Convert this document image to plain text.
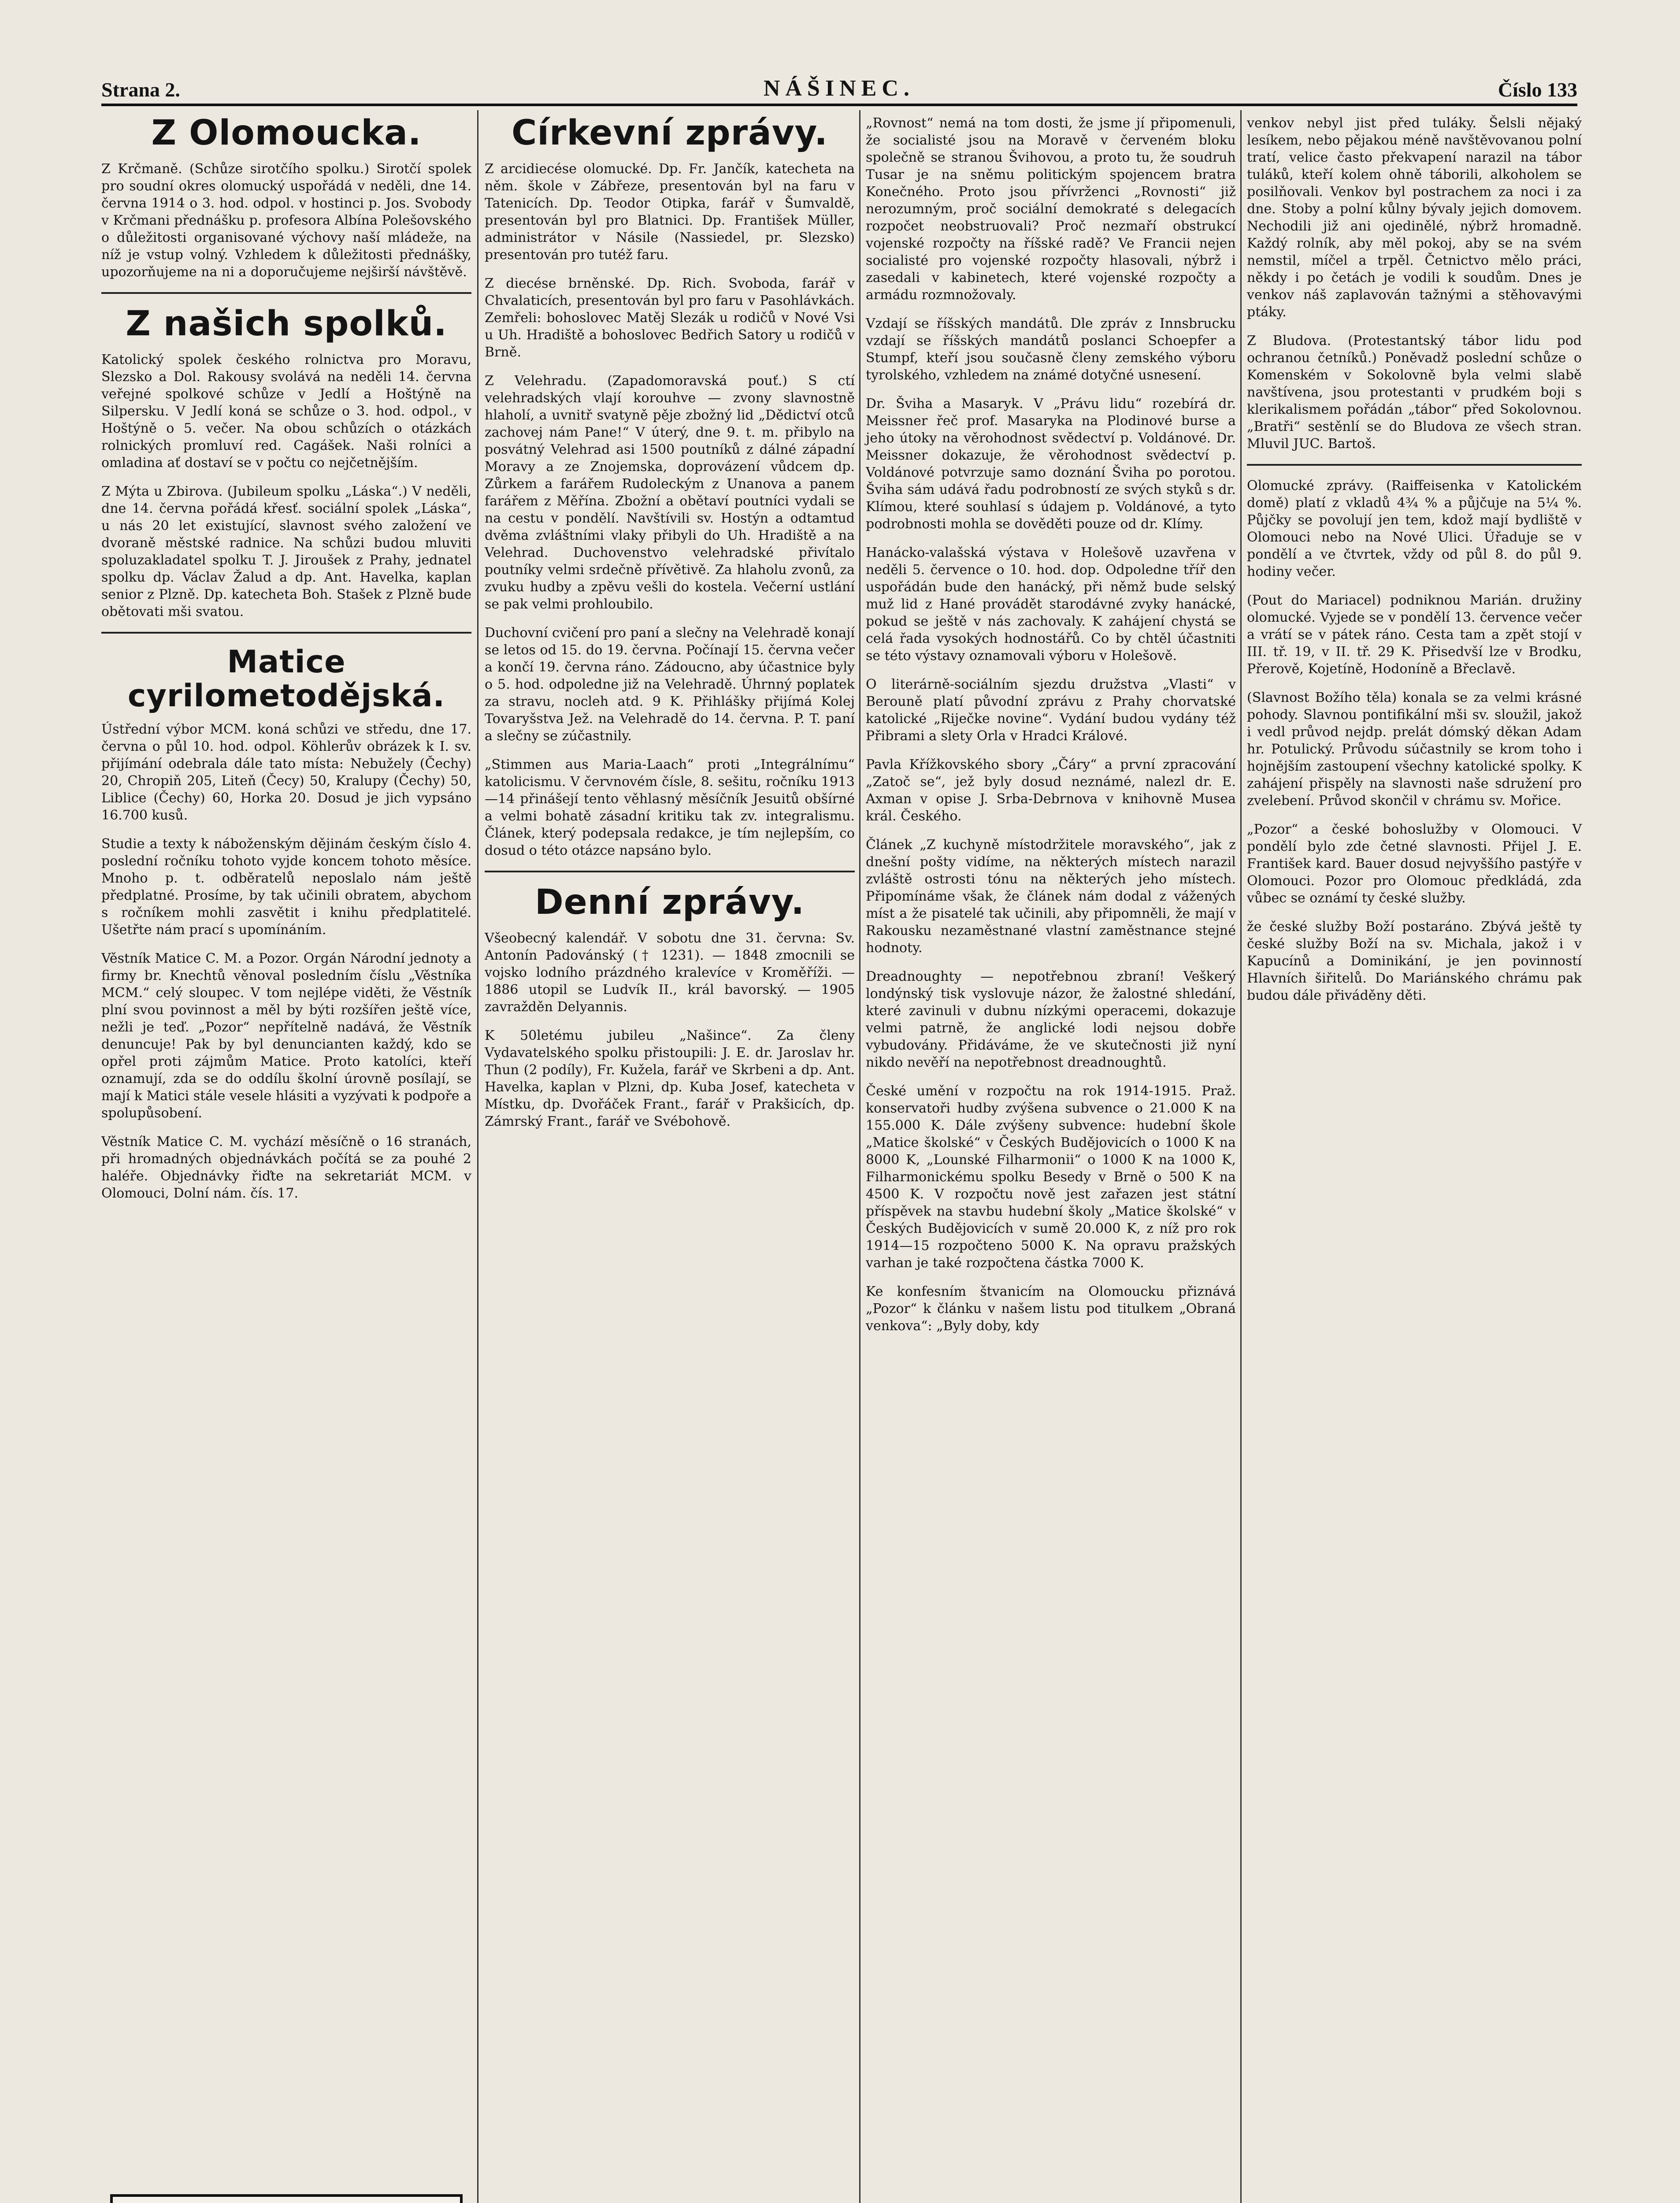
Strana 2.	NÁŠINEC.	Číslo 133
Z Olomoucka.

Z Krčmaně. (Schůze sirotčího spolku.) Sirotčí spolek pro soudní okres olomucký uspořádá v neděli, dne 14. června 1914 o 3. hod. odpol. v hostinci p. Jos. Svobody v Krčmani přednášku p. profesora Albína Polešovského o důležitosti organisované výchovy naší mládeže, na níž je vstup volný. Vzhledem k důležitosti přednášky, upozorňujeme na ni a doporučujeme nejširší návštěvě.

Z našich spolků.

Katolický spolek českého rolnictva pro Moravu, Slezsko a Dol. Rakousy svolává na neděli 14. června veřejné spolkové schůze v Jedlí a Hoštýně na Silpersku. V Jedlí koná se schůze o 3. hod. odpol., v Hoštýně o 5. večer. Na obou schůzích o otázkách rolnických promluví red. Cagášek. Naši rolníci a omladina ať dostaví se v počtu co nejčetnějším.

Z Mýta u Zbirova. (Jubileum spolku „Láska“.) V neděli, dne 14. června pořádá křesť. sociální spolek „Láska“, u nás 20 let existující, slavnost svého založení ve dvoraně městské radnice. Na schůzi budou mluviti spoluzakladatel spolku T. J. Jiroušek z Prahy, jednatel spolku dp. Václav Žalud a dp. Ant. Havelka, kaplan senior z Plzně. Dp. katecheta Boh. Stašek z Plzně bude obětovati mši svatou.

Matice cyrilometodějská.

Ústřední výbor MCM. koná schůzi ve středu, dne 17. června o půl 10. hod. odpol. Köhlerův obrázek k I. sv. přijímání odebrala dále tato místa: Nebužely (Čechy) 20, Chropiň 205, Liteň (Čecy) 50, Kralupy (Čechy) 50, Liblice (Čechy) 60, Horka 20. Dosud je jich vypsáno 16.700 kusů.

Studie a texty k náboženským dějinám českým číslo 4. poslední ročníku tohoto vyjde koncem tohoto měsíce. Mnoho p. t. odběratelů neposlalo nám ještě předplatné. Prosíme, by tak učinili obratem, abychom s ročníkem mohli zasvětit i knihu předplatitelé. Ušetřte nám prací s upomínáním.

Věstník Matice C. M. a Pozor. Orgán Národní jednoty a firmy br. Knechtů věnoval posledním číslu „Věstníka MCM.“ celý sloupec. V tom nejlépe viděti, že Věstník plní svou povinnost a měl by býti rozšířen ještě více, nežli je teď. „Pozor“ nepřítelně nadává, že Věstník denuncuje! Pak by byl denuncianten každý, kdo se opřel proti zájmům Matice. Proto katolíci, kteří oznamují, zda se do oddílu školní úrovně posílají, se mají k Matici stále vesele hlásiti a vyzývati k podpoře a spolupůsobení.

Věstník Matice C. M. vychází měsíčně o 16 stranách, při hromadných objednávkách počítá se za pouhé 2 haléře. Objednávky řiďte na sekretariát MCM. v Olomouci, Dolní nám. čís. 17.

Církevní zprávy.

Z arcidiecése olomucké. Dp. Fr. Jančík, katecheta na něm. škole v Zábřeze, presentován byl na faru v Tatenicích. Dp. Teodor Otipka, farář v Šumvaldě, presentován byl pro Blatnici. Dp. František Müller, administrátor v Násile (Nassiedel, pr. Slezsko) presentován pro tutéž faru.

Z diecése brněnské. Dp. Rich. Svoboda, farář v Chvalaticích, presentován byl pro faru v Pasohlávkách. Zemřeli: bohoslovec Matěj Slezák u rodičů v Nové Vsi u Uh. Hradiště a bohoslovec Bedřich Satory u rodičů v Brně.

Z Velehradu. (Zapadomoravská pouť.) S ctí velehradských vlají korouhve — zvony slavnostně hlaholí, a uvnitř svatyně pěje zbožný lid „Dědictví otců zachovej nám Pane!“ V úterý, dne 9. t. m. přibylo na posvátný Velehrad asi 1500 poutníků z dálné západní Moravy a ze Znojemska, doprovázení vůdcem dp. Zůrkem a farářem Rudoleckým z Unanova a panem farářem z Měřína. Zbožní a obětaví poutníci vydali se na cestu v pondělí. Navštívili sv. Hostýn a odtamtud dvěma zvláštními vlaky přibyli do Uh. Hradiště a na Velehrad. Duchovenstvo velehradské přivítalo poutníky velmi srdečně přívětivě. Za hlaholu zvonů, za zvuku hudby a zpěvu vešli do kostela. Večerní ustlání se pak velmi prohloubilo.

Duchovní cvičení pro paní a slečny na Velehradě konají se letos od 15. do 19. června. Počínají 15. června večer a končí 19. června ráno. Zádoucno, aby účastnice byly o 5. hod. odpoledne již na Velehradě. Úhrnný poplatek za stravu, nocleh atd. 9 K. Přihlášky přijímá Kolej Tovaryšstva Jež. na Velehradě do 14. června. P. T. paní a slečny se zúčastnily.

„Stimmen aus Maria-Laach“ proti „Integrálnímu“ katolicismu. V červnovém čísle, 8. sešitu, ročníku 1913—14 přinášejí tento věhlasný měsíčník Jesuitů obšírné a velmi bohatě zásadní kritiku tak zv. integralismu. Článek, který podepsala redakce, je tím nejlepším, co dosud o této otázce napsáno bylo.

Denní zprávy.

Všeobecný kalendář. V sobotu dne 31. června: Sv. Antonín Padovánský († 1231). — 1848 zmocnili se vojsko lodního prázdného kralevíce v Kroměříži. — 1886 utopil se Ludvík II., král bavorský. — 1905 zavražděn Delyannis.

K 50letému jubileu „Našince“. Za členy Vydavatelského spolku přistoupili: J. E. dr. Jaroslav hr. Thun (2 podíly), Fr. Kužela, farář ve Skrbeni a dp. Ant. Havelka, kaplan v Plzni, dp. Kuba Josef, katecheta v Místku, dp. Dvořáček Frant., farář v Prakšicích, dp. Zámrský Frant., farář ve Svébohově.

„Rovnost“ nemá na tom dosti, že jsme jí připomenuli, že socialisté jsou na Moravě v červeném bloku společně se stranou Švihovou, a proto tu, že soudruh Tusar je na sněmu politickým spojencem bratra Konečného. Proto jsou přívrženci „Rovnosti“ již nerozumným, proč sociální demokraté s delegacích rozpočet neobstruovali? Proč nezmaří obstrukcí vojenské rozpočty na říšské radě? Ve Francii nejen socialisté pro vojenské rozpočty hlasovali, nýbrž i zasedali v kabinetech, které vojenské rozpočty a armádu rozmnožovaly.

Vzdají se říšských mandátů. Dle zpráv z Innsbrucku vzdají se říšských mandátů poslanci Schoepfer a Stumpf, kteří jsou současně členy zemského výboru tyrolského, vzhledem na známé dotyčné usnesení.

Dr. Šviha a Masaryk. V „Právu lidu“ rozebírá dr. Meissner řeč prof. Masaryka na Plodinové burse a jeho útoky na věrohodnost svědectví p. Voldánové. Dr. Meissner dokazuje, že věrohodnost svědectví p. Voldánové potvrzuje samo doznání Šviha po porotou. Šviha sám udává řadu podrobností ze svých styků s dr. Klímou, které souhlasí s údajem p. Voldánové, a tyto podrobnosti mohla se dověděti pouze od dr. Klímy.

Hanácko-valašská výstava v Holešově uzavřena v neděli 5. července o 10. hod. dop. Odpoledne tříř den uspořádán bude den hanácký, při němž bude selský muž lid z Hané provádět starodávné zvyky hanácké, pokud se ještě v nás zachovaly. K zahájení chystá se celá řada vysokých hodnostářů. Co by chtěl účastniti se této výstavy oznamovali výboru v Holešově.

O literárně-sociálním sjezdu družstva „Vlasti“ v Berouně platí původní zprávu z Prahy chorvatské katolické „Riječke novine“. Vydání budou vydány též Přibrami a slety Orla v Hradci Králové.

Pavla Křížkovského sbory „Čáry“ a první zpracování „Zatoč se“, jež byly dosud neznámé, nalezl dr. E. Axman v opise J. Srba-Debrnova v knihovně Musea král. Českého.

Článek „Z kuchyně místodržitele moravského“, jak z dnešní pošty vidíme, na některých místech narazil zvláště ostrosti tónu na některých jeho místech. Připomínáme však, že článek nám dodal z vážených míst a že pisatelé tak učinili, aby připomněli, že mají v Rakousku nezaměstnané vlastní zaměstnance stejné hodnoty.

Dreadnoughty — nepotřebnou zbraní! Veškerý londýnský tisk vyslovuje názor, že žalostné shledání, které zavinuli v dubnu nízkými operacemi, dokazuje velmi patrně, že anglické lodi nejsou dobře vybudovány. Přidáváme, že ve skutečnosti již nyní nikdo nevěří na nepotřebnost dreadnoughtů.

České umění v rozpočtu na rok 1914-1915. Praž. konservatoři hudby zvýšena subvence o 21.000 K na 155.000 K. Dále zvýšeny subvence: hudební škole „Matice školské“ v Českých Budějovicích o 1000 K na 8000 K, „Lounské Filharmonii“ o 1000 K na 1000 K, Filharmonickému spolku Besedy v Brně o 500 K na 4500 K. V rozpočtu nově jest zařazen jest státní příspěvek na stavbu hudební školy „Matice školské“ v Českých Budějovicích v sumě 20.000 K, z níž pro rok 1914—15 rozpočteno 5000 K. Na opravu pražských varhan je také rozpočtena částka 7000 K.

Ke konfesním štvanicím na Olomoucku přiznává „Pozor“ k článku v našem listu pod titulkem „Obraná venkova“: „Byly doby, kdy

venkov nebyl jist před tuláky. Šelsli nějaký lesíkem, nebo pějakou méně navštěvovanou polní tratí, velice často překvapení narazil na tábor tuláků, kteří kolem ohně táborili, alkoholem se posilňovali. Venkov byl postrachem za noci i za dne. Stoby a polní kůlny bývaly jejich domovem. Nechodili již ani ojedinělé, nýbrž hromadně. Každý rolník, aby měl pokoj, aby se na svém nemstil, míčel a trpěl. Četnictvo mělo práci, někdy i po četách je vodili k soudům. Dnes je venkov náš zaplavován tažnými a stěhovavými ptáky.

Z Bludova. (Protestantský tábor lidu pod ochranou četníků.) Poněvadž poslední schůze o Komenském v Sokolovně byla velmi slabě navštívena, jsou protestanti v prudkém boji s klerikalismem pořádán „tábor“ před Sokolovnou. „Bratři“ sestěnlí se do Bludova ze všech stran. Mluvil JUC. Bartoš.

Olomucké zprávy. (Raiffeisenka v Katolickém domě) platí z vkladů 4¾ % a půjčuje na 5¼ %. Půjčky se povolují jen tem, kdož mají bydliště v Olomouci nebo na Nové Ulici. Úřaduje se v pondělí a ve čtvrtek, vždy od půl 8. do půl 9. hodiny večer.

(Pout do Mariacel) podniknou Marián. družiny olomucké. Vyjede se v pondělí 13. července večer a vrátí se v pátek ráno. Cesta tam a zpět stojí v III. tř. 19, v II. tř. 29 K. Přisedvší lze v Brodku, Přerově, Kojetíně, Hodoníně a Břeclavě.

(Slavnost Božího těla) konala se za velmi krásné pohody. Slavnou pontifikální mši sv. sloužil, jakož i vedl průvod nejdp. prelát dómský děkan Adam hr. Potulický. Průvodu súčastnily se krom toho i hojnějším zastoupení všechny katolické spolky. K zahájení přispěly na slavnosti naše sdružení pro zvelebení. Průvod skončil v chrámu sv. Mořice.

„Pozor“ a české bohoslužby v Olomouci. V pondělí bylo zde četné slavnosti. Přijel J. E. František kard. Bauer dosud nejvyššího pastýře v Olomouci. Pozor pro Olomouc předkládá, zda vůbec se oznámí ty české služby.

že české služby Boží postaráno. Zbývá ještě ty české služby Boží na sv. Michala, jakož i v Kapucínů a Dominikání, je jen povinností Hlavních šiřitelů. Do Mariánského chrámu pak budou dále přiváděny děti.
